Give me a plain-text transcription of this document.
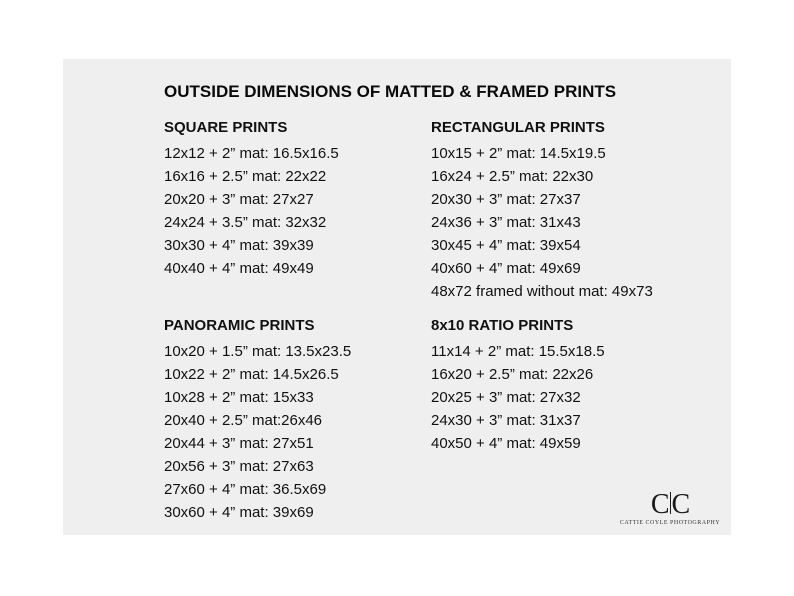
OUTSIDE DIMENSIONS OF MATTED & FRAMED PRINTS
SQUARE PRINTS
12x12 + 2” mat: 16.5x16.5
16x16 + 2.5” mat: 22x22
20x20 + 3” mat: 27x27
24x24 + 3.5” mat: 32x32
30x30 + 4” mat: 39x39
40x40 + 4” mat: 49x49
RECTANGULAR PRINTS
10x15 + 2” mat: 14.5x19.5
16x24 + 2.5” mat: 22x30
20x30 + 3” mat: 27x37
24x36 + 3” mat: 31x43
30x45 + 4” mat: 39x54
40x60 + 4” mat: 49x69
48x72 framed without mat: 49x73
PANORAMIC PRINTS
10x20 + 1.5” mat: 13.5x23.5
10x22 + 2” mat: 14.5x26.5
10x28 + 2” mat: 15x33
20x40 + 2.5” mat:26x46
20x44 + 3” mat: 27x51
20x56 + 3” mat: 27x63
27x60 + 4” mat: 36.5x69
30x60 + 4” mat: 39x69
8x10 RATIO PRINTS
11x14 + 2” mat: 15.5x18.5
16x20 + 2.5” mat: 22x26
20x25 + 3” mat: 27x32
24x30 + 3” mat: 31x37
40x50 + 4” mat: 49x59
C C
CATTIE COYLE PHOTOGRAPHY
